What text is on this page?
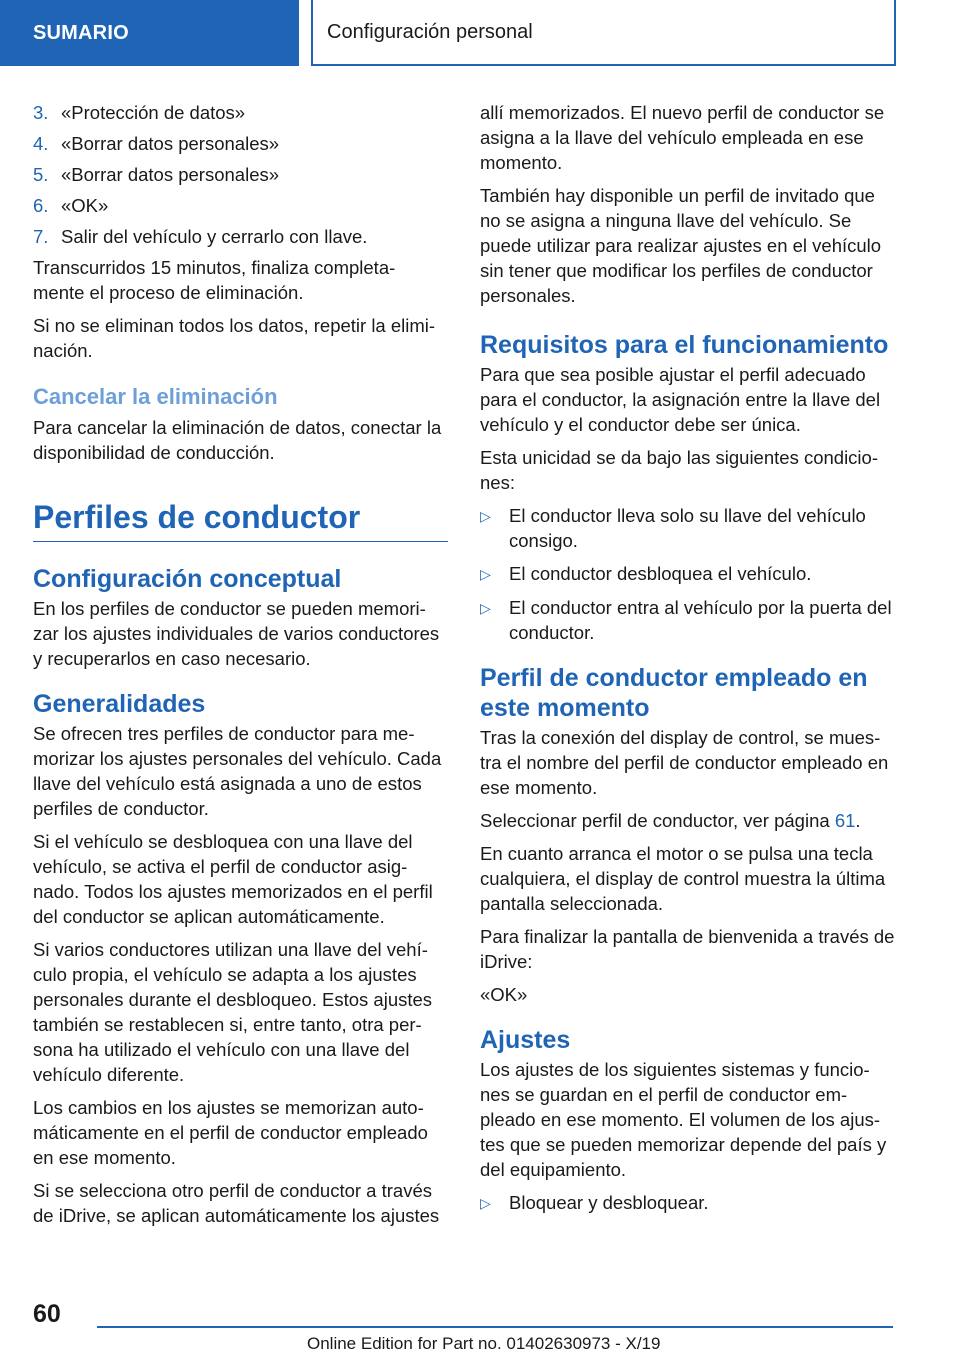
SUMARIO	Configuración personal
3. «Protección de datos»
4. «Borrar datos personales»
5. «Borrar datos personales»
6. «OK»
7. Salir del vehículo y cerrarlo con llave.

Transcurridos 15 minutos, finaliza completa‐ mente el proceso de eliminación.

Si no se eliminan todos los datos, repetir la elimi‐ nación.

Cancelar la eliminación

Para cancelar la eliminación de datos, conectar la disponibilidad de conducción.

Perfiles de conductor
Configuración conceptual

En los perfiles de conductor se pueden memori‐ zar los ajustes individuales de varios conductores y recuperarlos en caso necesario.

Generalidades

Se ofrecen tres perfiles de conductor para me‐ morizar los ajustes personales del vehículo. Cada llave del vehículo está asignada a uno de estos perfiles de conductor.

Si el vehículo se desbloquea con una llave del vehículo, se activa el perfil de conductor asig‐ nado. Todos los ajustes memorizados en el perfil del conductor se aplican automáticamente.

Si varios conductores utilizan una llave del vehí‐ culo propia, el vehículo se adapta a los ajustes personales durante el desbloqueo. Estos ajustes también se restablecen si, entre tanto, otra per‐ sona ha utilizado el vehículo con una llave del vehículo diferente.

Los cambios en los ajustes se memorizan auto‐ máticamente en el perfil de conductor empleado en ese momento.

Si se selecciona otro perfil de conductor a través de iDrive, se aplican automáticamente los ajustes

allí memorizados. El nuevo perfil de conductor se asigna a la llave del vehículo empleada en ese momento.

También hay disponible un perfil de invitado que no se asigna a ninguna llave del vehículo. Se puede utilizar para realizar ajustes en el vehículo sin tener que modificar los perfiles de conductor personales.

Requisitos para el funcionamiento

Para que sea posible ajustar el perfil adecuado para el conductor, la asignación entre la llave del vehículo y el conductor debe ser única.

Esta unicidad se da bajo las siguientes condicio‐ nes:

▷ El conductor lleva solo su llave del vehículo consigo.
▷ El conductor desbloquea el vehículo.
▷ El conductor entra al vehículo por la puerta del conductor.
Perfil de conductor empleado en este momento

Tras la conexión del display de control, se mues‐ tra el nombre del perfil de conductor empleado en ese momento.

Seleccionar perfil de conductor, ver página 61.

En cuanto arranca el motor o se pulsa una tecla cualquiera, el display de control muestra la última pantalla seleccionada.

Para finalizar la pantalla de bienvenida a través de iDrive:

«OK»

Ajustes

Los ajustes de los siguientes sistemas y funcio‐ nes se guardan en el perfil de conductor em‐ pleado en ese momento. El volumen de los ajus‐ tes que se pueden memorizar depende del país y del equipamiento.

▷ Bloquear y desbloquear.
60
Online Edition for Part no. 01402630973 - X/19
